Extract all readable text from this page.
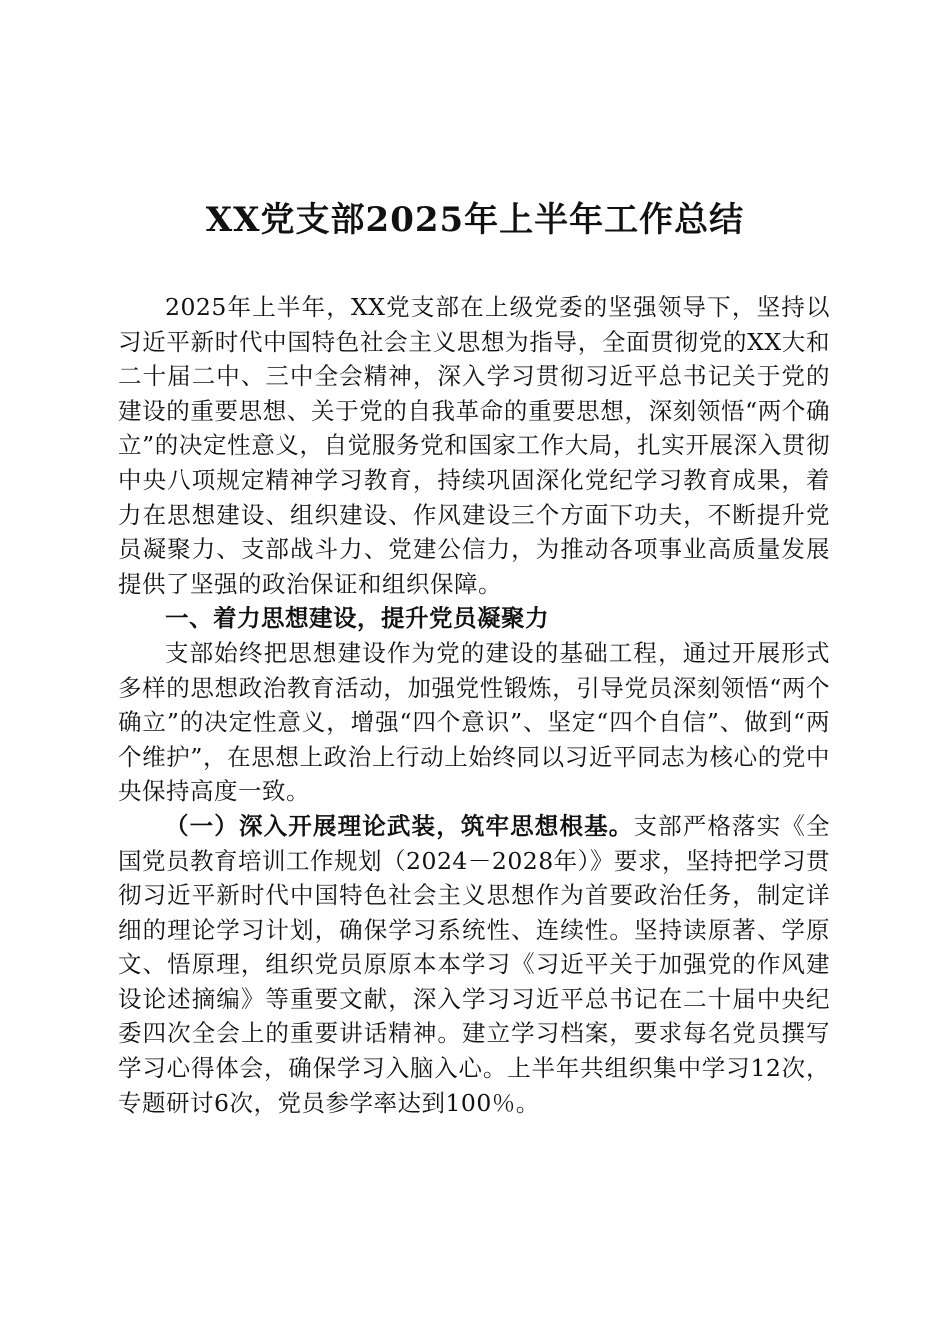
XX党支部2025年上半年工作总结

2025年上半年，XX党支部在上级党委的坚强领导下，坚持以习近平新时代中国特色社会主义思想为指导，全面贯彻党的XX大和二十届二中、三中全会精神，深入学习贯彻习近平总书记关于党的建设的重要思想、关于党的自我革命的重要思想，深刻领悟“两个确立”的决定性意义，自觉服务党和国家工作大局，扎实开展深入贯彻中央八项规定精神学习教育，持续巩固深化党纪学习教育成果，着力在思想建设、组织建设、作风建设三个方面下功夫，不断提升党员凝聚力、支部战斗力、党建公信力，为推动各项事业高质量发展提供了坚强的政治保证和组织保障。

一、着力思想建设，提升党员凝聚力

支部始终把思想建设作为党的建设的基础工程，通过开展形式多样的思想政治教育活动，加强党性锻炼，引导党员深刻领悟“两个确立”的决定性意义，增强“四个意识”、坚定“四个自信”、做到“两个维护”，在思想上政治上行动上始终同以习近平同志为核心的党中央保持高度一致。

（一）深入开展理论武装，筑牢思想根基。支部严格落实《全国党员教育培训工作规划（2024－2028年）》要求，坚持把学习贯彻习近平新时代中国特色社会主义思想作为首要政治任务，制定详细的理论学习计划，确保学习系统性、连续性。坚持读原著、学原文、悟原理，组织党员原原本本学习《习近平关于加强党的作风建设论述摘编》等重要文献，深入学习习近平总书记在二十届中央纪委四次全会上的重要讲话精神。建立学习档案，要求每名党员撰写学习心得体会，确保学习入脑入心。上半年共组织集中学习12次，专题研讨6次，党员参学率达到100％。
